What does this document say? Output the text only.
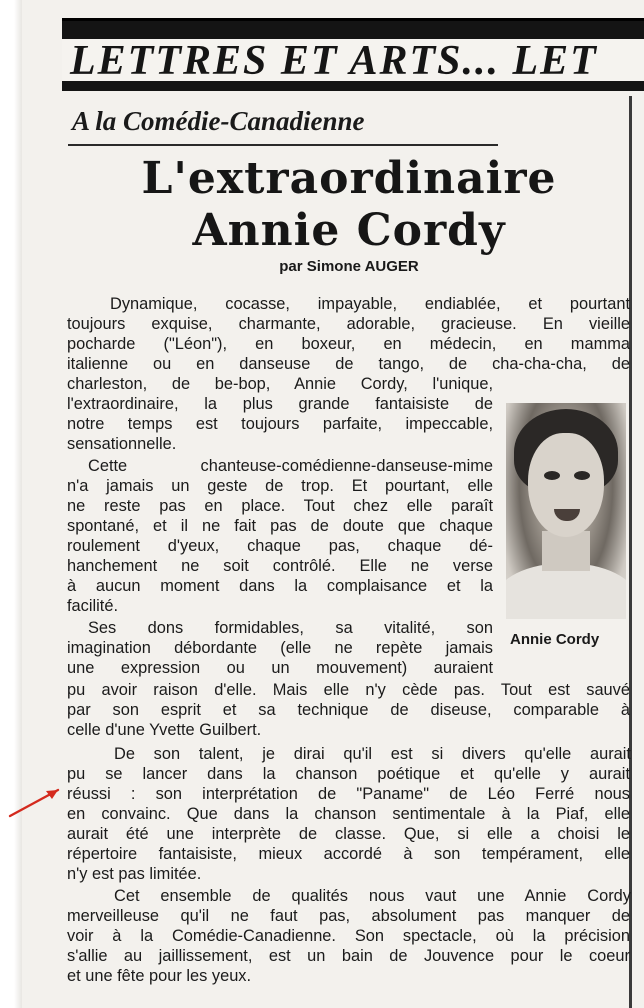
LETTRES ET ARTS... LET
A la Comédie-Canadienne
L'extraordinaire
Annie Cordy
par Simone AUGER
Dynamique, cocasse, impayable, endiablée, et pourtant
toujours exquise, charmante, adorable, gracieuse. En vieille
pocharde ("Léon"), en boxeur, en médecin, en mamma
italienne ou en danseuse de tango, de cha-cha-cha, de
charleston, de be-bop, Annie Cordy, l'unique,
l'extraordinaire, la plus grande fantaisiste de
notre temps est toujours parfaite, impeccable,
sensationnelle.
Cette chanteuse-comédienne-danseuse-mime
n'a jamais un geste de trop. Et pourtant, elle
ne reste pas en place. Tout chez elle paraît
spontané, et il ne fait pas de doute que chaque
roulement d'yeux, chaque pas, chaque dé-
hanchement ne soit contrôlé. Elle ne verse
à aucun moment dans la complaisance et la
facilité.
Ses dons formidables, sa vitalité, son
imagination débordante (elle ne repète jamais
une expression ou un mouvement) auraient
pu avoir raison d'elle. Mais elle n'y cède pas. Tout est sauvé
par son esprit et sa technique de diseuse, comparable à
celle d'une Yvette Guilbert.
De son talent, je dirai qu'il est si divers qu'elle aurait
pu se lancer dans la chanson poétique et qu'elle y aurait
réussi : son interprétation de "Paname" de Léo Ferré nous
en convainc. Que dans la chanson sentimentale à la Piaf, elle
aurait été une interprète de classe. Que, si elle a choisi le
répertoire fantaisiste, mieux accordé à son tempérament, elle
n'y est pas limitée.
Cet ensemble de qualités nous vaut une Annie Cordy
merveilleuse qu'il ne faut pas, absolument pas manquer de
voir à la Comédie-Canadienne. Son spectacle, où la précision
s'allie au jaillissement, est un bain de Jouvence pour le coeur
et une fête pour les yeux.
Annie Cordy
